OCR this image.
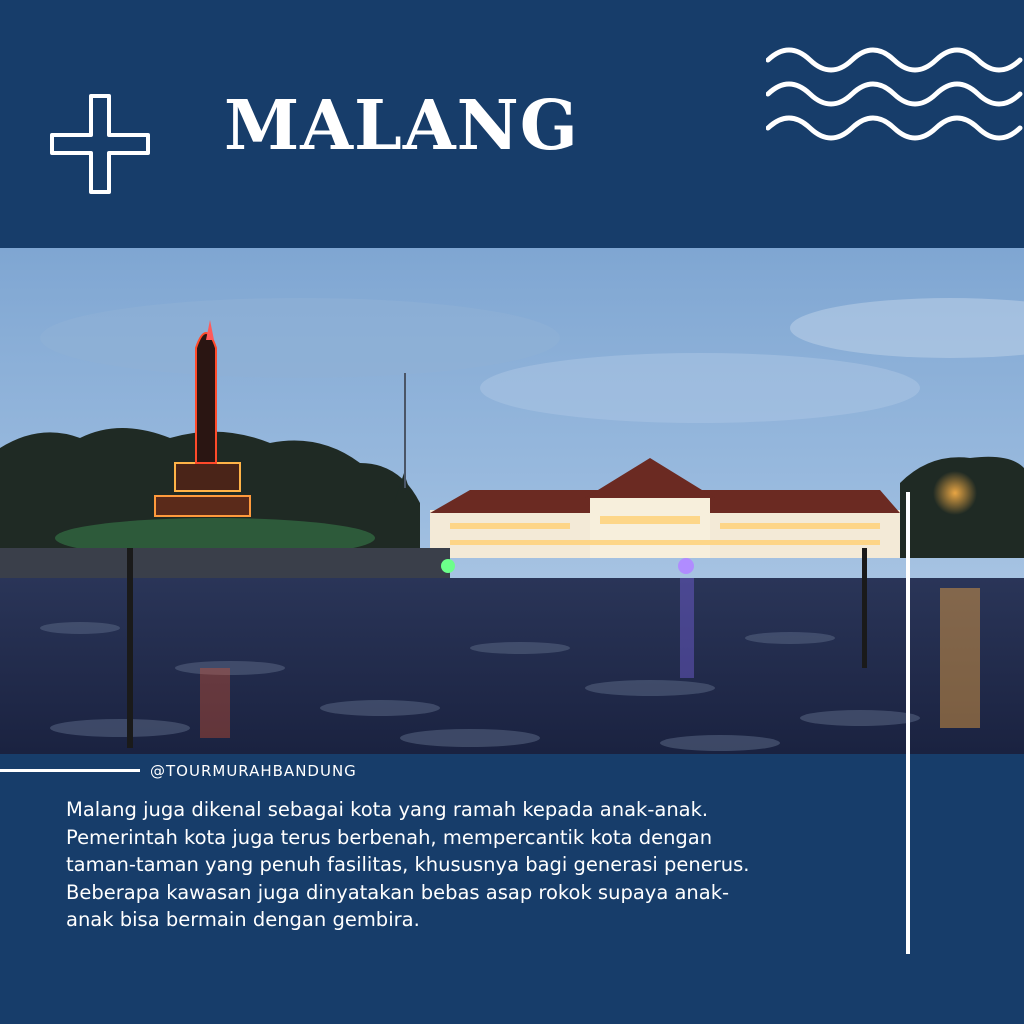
MALANG
@TOURMURAHBANDUNG
Malang juga dikenal sebagai kota yang ramah kepada anak-anak.
Pemerintah kota juga terus berbenah, mempercantik kota dengan
taman-taman yang penuh fasilitas, khususnya bagi generasi penerus.
Beberapa kawasan juga dinyatakan bebas asap rokok supaya anak-
anak bisa bermain dengan gembira.
